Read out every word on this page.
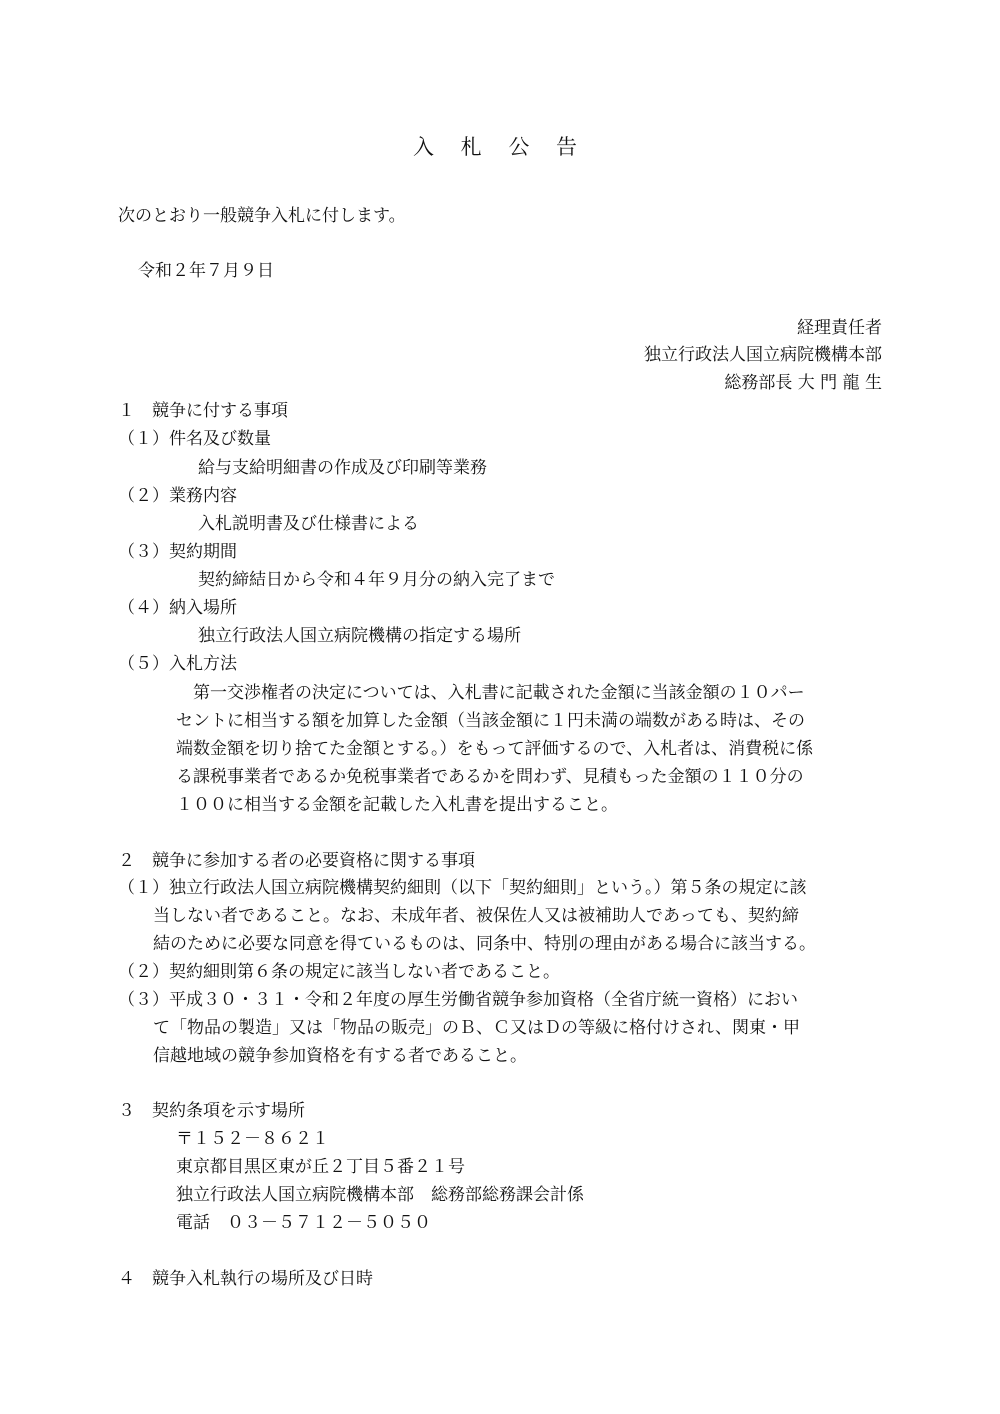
入 札 公 告
次のとおり一般競争入札に付します。
令和２年７月９日
経理責任者
独立行政法人国立病院機構本部
総務部長 大 門 龍 生
１　競争に付する事項
（１）件名及び数量
給与支給明細書の作成及び印刷等業務
（２）業務内容
入札説明書及び仕様書による
（３）契約期間
契約締結日から令和４年９月分の納入完了まで
（４）納入場所
独立行政法人国立病院機構の指定する場所
（５）入札方法
　第一交渉権者の決定については、入札書に記載された金額に当該金額の１０パー
セントに相当する額を加算した金額（当該金額に１円未満の端数がある時は、その
端数金額を切り捨てた金額とする。）をもって評価するので、入札者は、消費税に係
る課税事業者であるか免税事業者であるかを問わず、見積もった金額の１１０分の
１００に相当する金額を記載した入札書を提出すること。
２　競争に参加する者の必要資格に関する事項
（１）独立行政法人国立病院機構契約細則（以下「契約細則」という。）第５条の規定に該
当しない者であること。なお、未成年者、被保佐人又は被補助人であっても、契約締
結のために必要な同意を得ているものは、同条中、特別の理由がある場合に該当する。
（２）契約細則第６条の規定に該当しない者であること。
（３）平成３０・３１・令和２年度の厚生労働省競争参加資格（全省庁統一資格）におい
て「物品の製造」又は「物品の販売」のＢ、Ｃ又はＤの等級に格付けされ、関東・甲
信越地域の競争参加資格を有する者であること。
３　契約条項を示す場所
〒１５２－８６２１
東京都目黒区東が丘２丁目５番２１号
独立行政法人国立病院機構本部　総務部総務課会計係
電話　０３－５７１２－５０５０
４　競争入札執行の場所及び日時
